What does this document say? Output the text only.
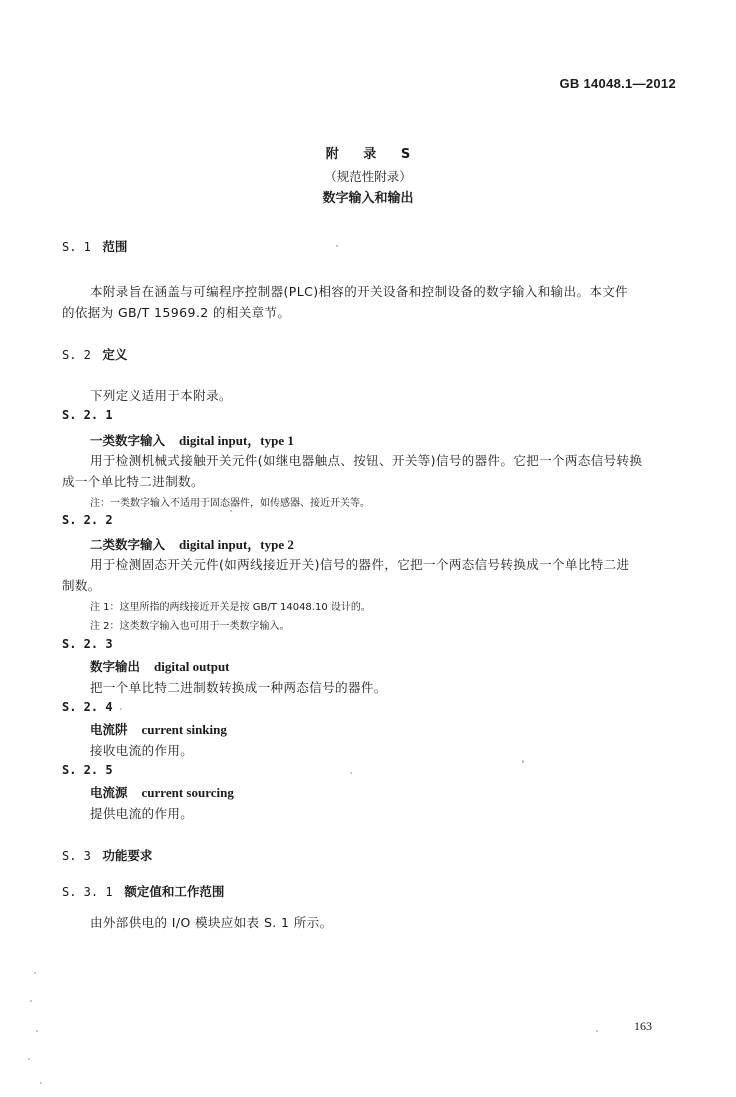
GB 14048.1—2012
附 录 S
（规范性附录）
数字输入和输出
S. 1 范围
本附录旨在涵盖与可编程序控制器(PLC)相容的开关设备和控制设备的数字输入和输出。本文件
的依据为 GB/T 15969.2 的相关章节。
S. 2 定义
下列定义适用于本附录。
S. 2. 1
一类数字输入 digital input，type 1
用于检测机械式接触开关元件(如继电器触点、按钮、开关等)信号的器件。它把一个两态信号转换
成一个单比特二进制数。
注：一类数字输入不适用于固态器件，如传感器、接近开关等。
S. 2. 2
二类数字输入 digital input，type 2
用于检测固态开关元件(如两线接近开关)信号的器件，它把一个两态信号转换成一个单比特二进
制数。
注 1：这里所指的两线接近开关是按 GB/T 14048.10 设计的。
注 2：这类数字输入也可用于一类数字输入。
S. 2. 3
数字输出 digital output
把一个单比特二进制数转换成一种两态信号的器件。
S. 2. 4
电流阱 current sinking
接收电流的作用。
S. 2. 5
电流源 current sourcing
提供电流的作用。
S. 3 功能要求
S. 3. 1 额定值和工作范围
由外部供电的 I/O 模块应如表 S. 1 所示。
163
